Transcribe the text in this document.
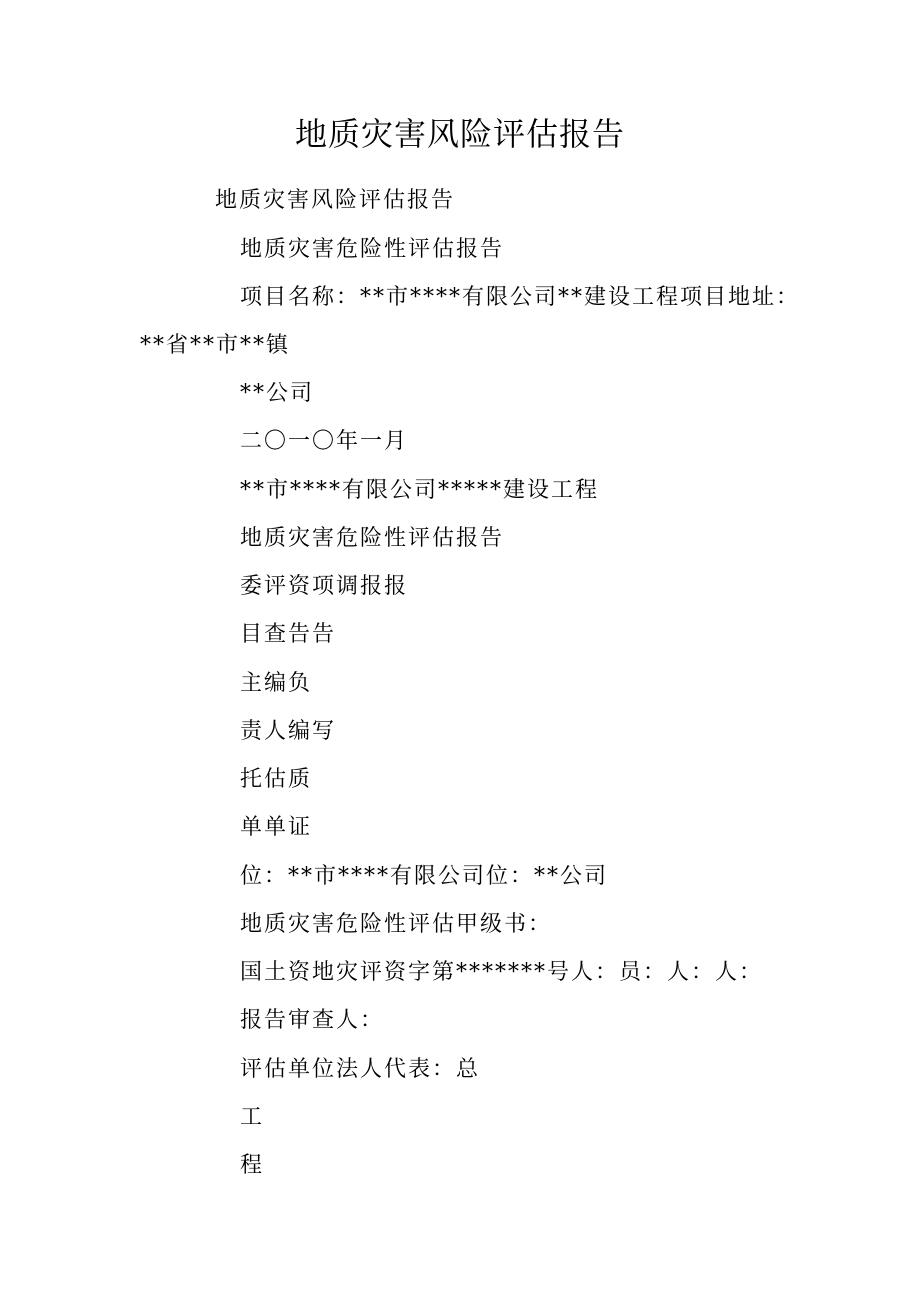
地质灾害风险评估报告
地质灾害风险评估报告
地质灾害危险性评估报告
项目名称：**市****有限公司**建设工程项目地址：
**省**市**镇
**公司
二〇一〇年一月
**市****有限公司*****建设工程
地质灾害危险性评估报告
委评资项调报报
目查告告
主编负
责人编写
托估质
单单证
位：**市****有限公司位：**公司
地质灾害危险性评估甲级书：
国土资地灾评资字第*******号人：员：人：人：
报告审查人：
评估单位法人代表：总
工
程
